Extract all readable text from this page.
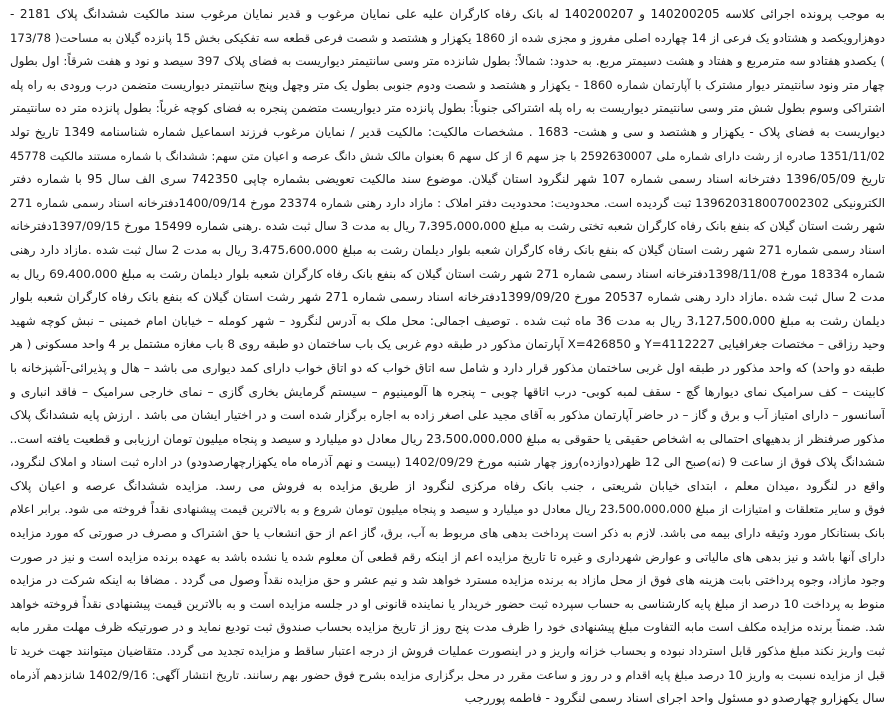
به موجب پرونده اجرائی کلاسه 140200205 و 140200207 له بانک رفاه کارگران علیه علی نمایان مرغوب و قدیر نمایان مرغوب سند مالکیت ششدانگ پلاک 2181 -
دوهزارویکصد و هشتادو یک فرعی از 14 چهارده اصلی مفروز و مجزی شده از 1860 یکهزار و هشتصد و شصت فرعی قطعه سه تفکیکی بخش 15 پانزده گیلان به مساحت( 173/78
) یکصدو هفتادو سه مترمربع و هفتاد و هشت دسیمتر مربع. به حدود: شمالاً: بطول شانزده متر وسی سانتیمتر دیواریست به فضای پلاک 397 سیصد و نود و هفت شرقاً: اول بطول
چهار متر ونود سانتیمتر دیوار مشترک با آپارتمان شماره 1860 - یکهزار و هشتصد و شصت ودوم جنوبی بطول یک متر وچهل وپنج سانتیمتر دیواریست متضمن درب ورودی به راه پله
اشتراکی وسوم بطول شش متر وسی سانتیمتر دیواریست به راه پله اشتراکی جنوباً: بطول پانزده متر دیواریست متضمن پنجره به فضای کوچه غرباً: بطول پانزده متر ده سانتیمتر
دیواریست به فضای پلاک - یکهزار و هشتصد و سی و هشت- 1683 . مشخصات مالکیت: مالکیت قدیر / نمایان مرغوب فرزند اسماعیل شماره شناسنامه 1349 تاریخ تولد
1351/11/02 صادره از رشت دارای شماره ملی 2592630007 با جز سهم 6 از کل سهم 6 بعنوان مالک شش دانگ عرصه و اعیان متن سهم: ششدانگ با شماره مستند مالکیت 45778
تاریخ 1396/05/09 دفترخانه اسناد رسمی شماره 107 شهر لنگرود استان گیلان. موضوع سند مالکیت تعویضی بشماره چاپی 742350 سری الف سال 95 با شماره دفتر
الکترونیکی 139620318007002302 ثبت گردیده است. محدودیت: محدودیت دفتر املاک : مازاد دارد رهنی شماره 23374 مورخ 1400/09/14دفترخانه اسناد رسمی شماره 271
شهر رشت استان گیلان که بنفع بانک رفاه کارگران شعبه تختی رشت به مبلغ 7،395،000،000 ریال به مدت 3 سال ثبت شده .رهنی شماره 15499 مورخ 1397/09/15دفترخانه
اسناد رسمی شماره 271 شهر رشت استان گیلان که بنفع بانک رفاه کارگران شعبه بلوار دیلمان رشت به مبلغ 3،475،600،000 ریال به مدت 2 سال ثبت شده .مازاد دارد رهنی
شماره 18334 مورخ 1398/11/08دفترخانه اسناد رسمی شماره 271 شهر رشت استان گیلان که بنفع بانک رفاه کارگران شعبه بلوار دیلمان رشت به مبلغ 69،400،000 ریال به
مدت 2 سال ثبت شده .مازاد دارد رهنی شماره 20537 مورخ 1399/09/20دفترخانه اسناد رسمی شماره 271 شهر رشت استان گیلان که بنفع بانک رفاه کارگران شعبه بلوار
دیلمان رشت به مبلغ 3،127،500،000 ریال به مدت 36 ماه ثبت شده . توصیف اجمالی: محل ملک به آدرس لنگرود – شهر کومله – خیابان امام خمینی – نبش کوچه شهید
وحید رزاقی – مختصات جغرافیایی Y=4112227 و X=426850 آپارتمان مذکور در طبقه دوم غربی یک باب ساختمان دو طبقه روی 8 باب مغازه مشتمل بر 4 واحد مسکونی ( هر
طبقه دو واحد) که واحد مذکور در طبقه اول غربی ساختمان مذکور قرار دارد و شامل سه اتاق خواب که دو اتاق خواب دارای کمد دیواری می باشد – هال و پذیرائی-آشپزخانه با
کابینت – کف سرامیک نمای دیوارها گچ - سقف لمبه کوبی- درب اتاقها چوبی – پنجره ها آلومینیوم – سیستم گرمایش بخاری گازی – نمای خارجی سرامیک – فاقد انباری و
آسانسور – دارای امتیاز آب و برق و گاز – در حاضر آپارتمان مذکور به آقای مجید علی اصغر زاده به اجاره برگزار شده است و در اختیار ایشان می باشد . ارزش پایه ششدانگ پلاک
مذکور صرفنظر از بدهیهای احتمالی به اشخاص حقیقی یا حقوقی به مبلغ 23،500،000،000 ریال معادل دو میلیارد و سیصد و پنجاه میلیون تومان ارزیابی و قطعیت یافته است..
ششدانگ پلاک فوق از ساعت 9 (نه)صبح الی 12 ظهر(دوازده)روز چهار شنبه مورخ 1402/09/29 (بیست و نهم آذرماه ماه یکهزارچهارصدودو) در اداره ثبت اسناد و املاک لنگرود،
واقع در لنگرود ،میدان معلم ، ابتدای خیابان شریعتی ، جنب بانک رفاه مرکزی لنگرود از طریق مزایده به فروش می رسد. مزایده ششدانگ عرصه و اعیان پلاک
فوق و سایر متعلقات و امتیازات از مبلغ 23،500،000،000 ریال معادل دو میلیارد و سیصد و پنجاه میلیون تومان شروع و به بالاترین قیمت پیشنهادی نقداً فروخته می شود. برابر اعلام
بانک بستانکار مورد وثیقه دارای بیمه می باشد. لازم به ذکر است پرداخت بدهی های مربوط به آب، برق، گاز اعم از حق انشعاب یا حق اشتراک و مصرف در صورتی که مورد مزایده
دارای آنها باشد و نیز بدهی های مالیاتی و عوارض شهرداری و غیره تا تاریخ مزایده اعم از اینکه رقم قطعی آن معلوم شده یا نشده باشد به عهده برنده مزایده است و نیز در صورت
وجود مازاد، وجوه پرداختی بابت هزینه های فوق از محل مازاد به برنده مزایده مسترد خواهد شد و نیم عشر و حق مزایده نقداً وصول می گردد . مضافا به اینکه شرکت در مزایده
منوط به پرداخت 10 درصد از مبلغ پایه کارشناسی به حساب سپرده ثبت حضور خریدار یا نماینده قانونی او در جلسه مزایده است و به بالاترین قیمت پیشنهادی نقداً فروخته خواهد
شد. ضمناً برنده مزایده مکلف است مابه التفاوت مبلغ پیشنهادی خود را ظرف مدت پنج روز از تاریخ مزایده بحساب صندوق ثبت تودیع نماید و در صورتیکه ظرف مهلت مقرر مابه
ثبت واریز نکند مبلغ مذکور قابل استرداد نبوده و بحساب خزانه واریز و در اینصورت عملیات فروش از درجه اعتبار ساقط و مزایده تجدید می گردد. متقاضیان میتوانند جهت خرید تا
قبل از مزایده نسبت به واریز 10 درصد مبلغ پایه اقدام و در روز و ساعت مقرر در محل برگزاری مزایده بشرح فوق حضور بهم رسانند. تاریخ انتشار آگهی: 1402/9/16 شانزدهم آذرماه
سال یکهزارو چهارصدو دو مسئول واحد اجرای اسناد رسمی لنگرود - فاطمه پوررجب
